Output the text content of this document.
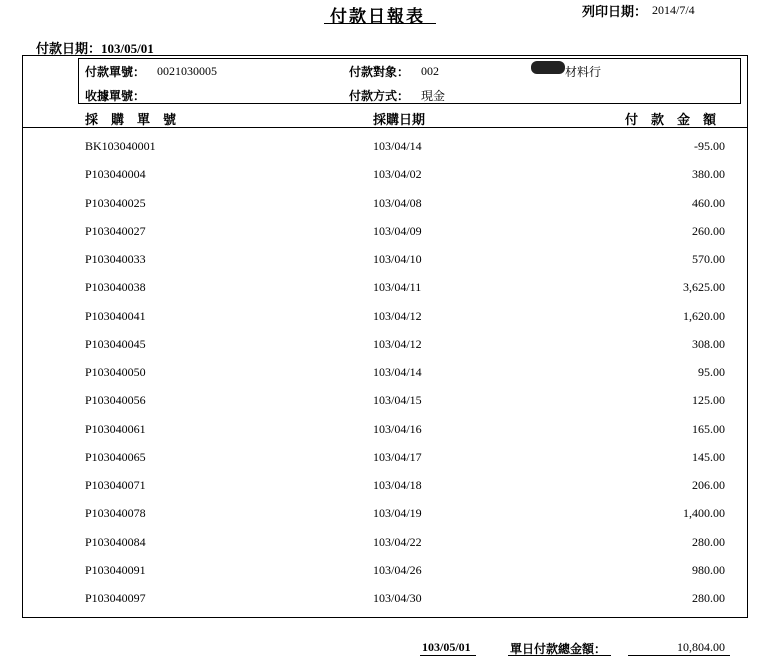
付款日報表	列印日期： 2014/7/4
付款日期：103/05/01
付款單號： 0021030005	付款對象： 002	材料行
收據單號：	付款方式： 現金
採　購　單　號	採購日期	付　款　金　額
BK103040001	103/04/14	-95.00
P103040004	103/04/02	380.00
P103040025	103/04/08	460.00
P103040027	103/04/09	260.00
P103040033	103/04/10	570.00
P103040038	103/04/11	3,625.00
P103040041	103/04/12	1,620.00
P103040045	103/04/12	308.00
P103040050	103/04/14	95.00
P103040056	103/04/15	125.00
P103040061	103/04/16	165.00
P103040065	103/04/17	145.00
P103040071	103/04/18	206.00
P103040078	103/04/19	1,400.00
P103040084	103/04/22	280.00
P103040091	103/04/26	980.00
P103040097	103/04/30	280.00
103/05/01	單日付款總金額：	10,804.00
